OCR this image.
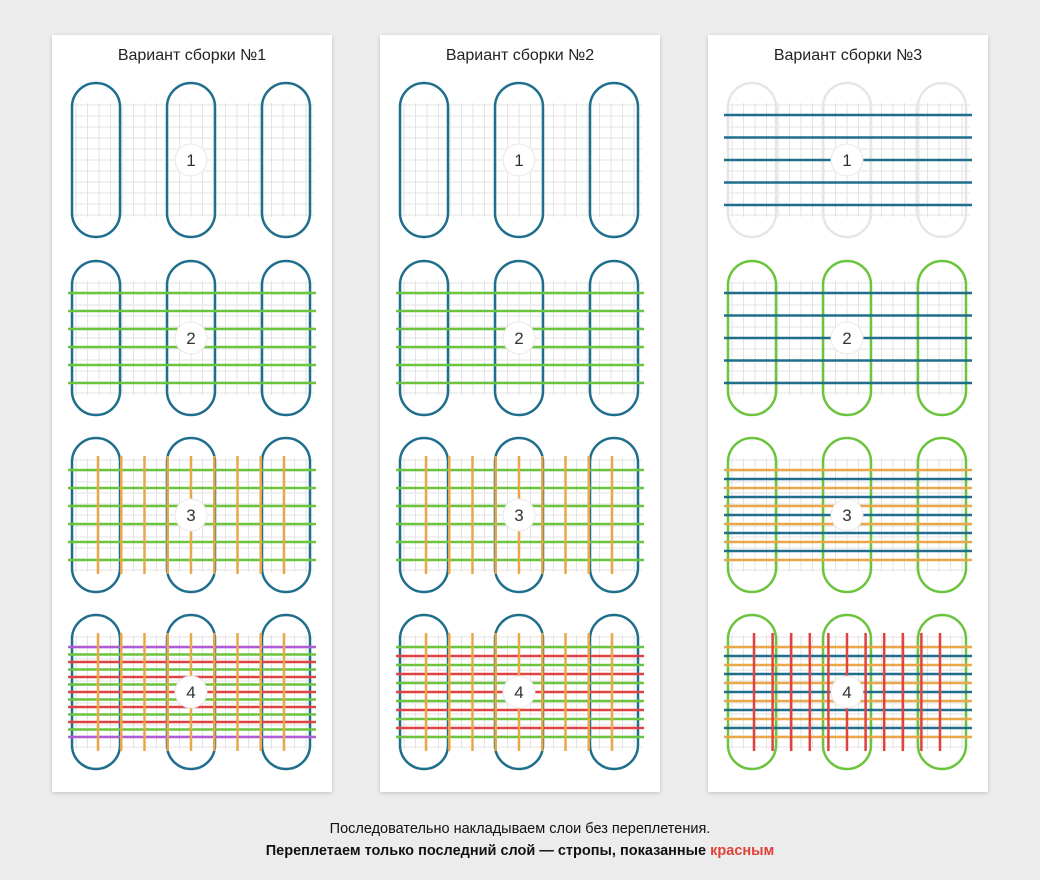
Вариант сборки №1
1
2
3
4
Вариант сборки №2
1
2
3
4
Вариант сборки №3
1
2
3
4
Последовательно накладываем слои без переплетения.
Переплетаем только последний слой — стропы, показанные красным
